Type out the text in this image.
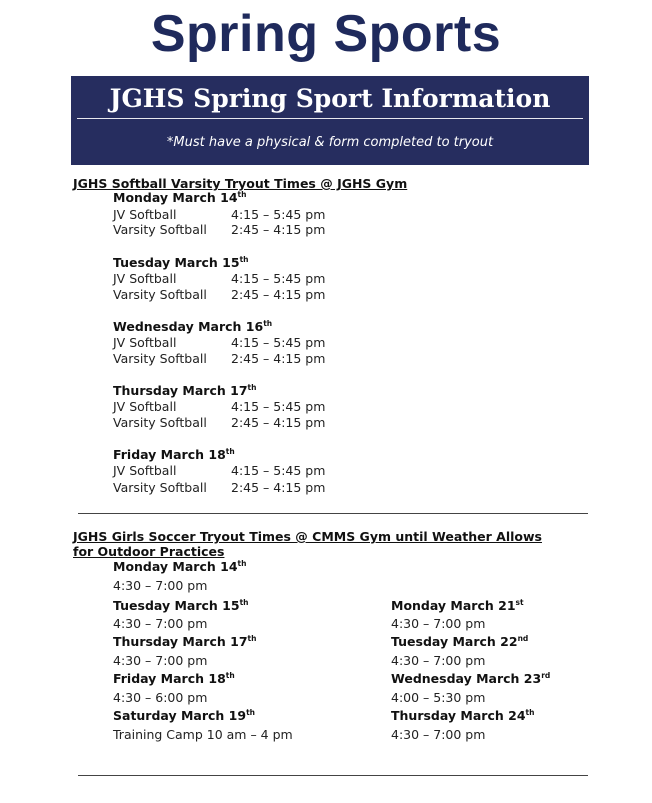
Spring Sports
JGHS Spring Sport Information
*Must have a physical & form completed to tryout
JGHS Softball Varsity Tryout Times @ JGHS Gym
Monday March 14th
JV Softball	4:15 – 5:45 pm
Varsity Softball 2:45 – 4:15 pm
Tuesday March 15th
JV Softball	4:15 – 5:45 pm
Varsity Softball 2:45 – 4:15 pm
Wednesday March 16th
JV Softball	4:15 – 5:45 pm
Varsity Softball 2:45 – 4:15 pm
Thursday March 17th
JV Softball	4:15 – 5:45 pm
Varsity Softball 2:45 – 4:15 pm
Friday March 18th
JV Softball	4:15 – 5:45 pm
Varsity Softball 2:45 – 4:15 pm
JGHS Girls Soccer Tryout Times @ CMMS Gym until Weather Allows
for Outdoor Practices
Monday March 14th
4:30 – 7:00 pm
Tuesday March 15th
4:30 – 7:00 pm
Thursday March 17th
4:30 – 7:00 pm
Friday March 18th
4:30 – 6:00 pm
Saturday March 19th
Training Camp 10 am – 4 pm
Monday March 21st
4:30 – 7:00 pm
Tuesday March 22nd
4:30 – 7:00 pm
Wednesday March 23rd
4:00 – 5:30 pm
Thursday March 24th
4:30 – 7:00 pm
